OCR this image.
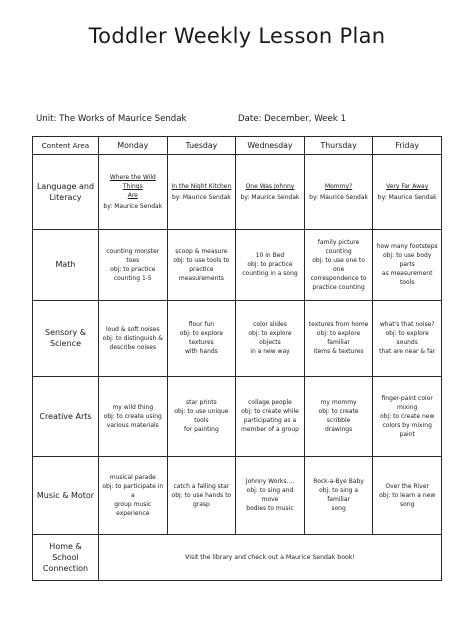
Toddler Weekly Lesson Plan
Unit: The Works of Maurice Sendak	Date: December, Week 1
Content Area	Monday	Tuesday	Wednesday	Thursday	Friday

Language and
Literacy	Where the Wild Things
Are
by: Maurice Sendak	In the Night Kitchen
by: Maurice Sendak	One Was Johnny
by: Maurice Sendak	Mommy?
by: Maurice Sendak	Very Far Away
by: Maurice Sendak

Math	counting monster toes
obj: to practice
counting 1-5	scoop & measure
obj: to use tools to
practice measurements	10 in Bed
obj: to practice
counting in a song	family picture counting
obj: to use one to one
correspondence to
practice counting	how many footsteps
obj: to use body parts
as measurement tools

Sensory & Science	loud & soft noises
obj: to distinguish &
describe noises	flour fun
obj: to explore textures
with hands	color slides
obj: to explore objects
in a new way	textures from home
obj: to explore familiar
items & textures	what's that noise?
obj: to explore sounds
that are near & far

Creative Arts	my wild thing
obj: to create using
various materials	star prints
obj: to use unique tools
for painting	collage people
obj: to create while
participating as a
member of a group	my mommy
obj: to create scribble
drawings	finger-paint color mixing
obj: to create new
colors by mixing paint

Music & Motor	musical parade
obj: to participate in a
group music experience	catch a falling star
obj: to use hands to
grasp	Johnny Works....
obj: to sing and move
bodies to music	Rock-a-Bye Baby
obj: to sing a familiar
song	Over the River
obj: to learn a new
song

Home & School
Connection	Visit the library and check out a Maurice Sendak book!				
